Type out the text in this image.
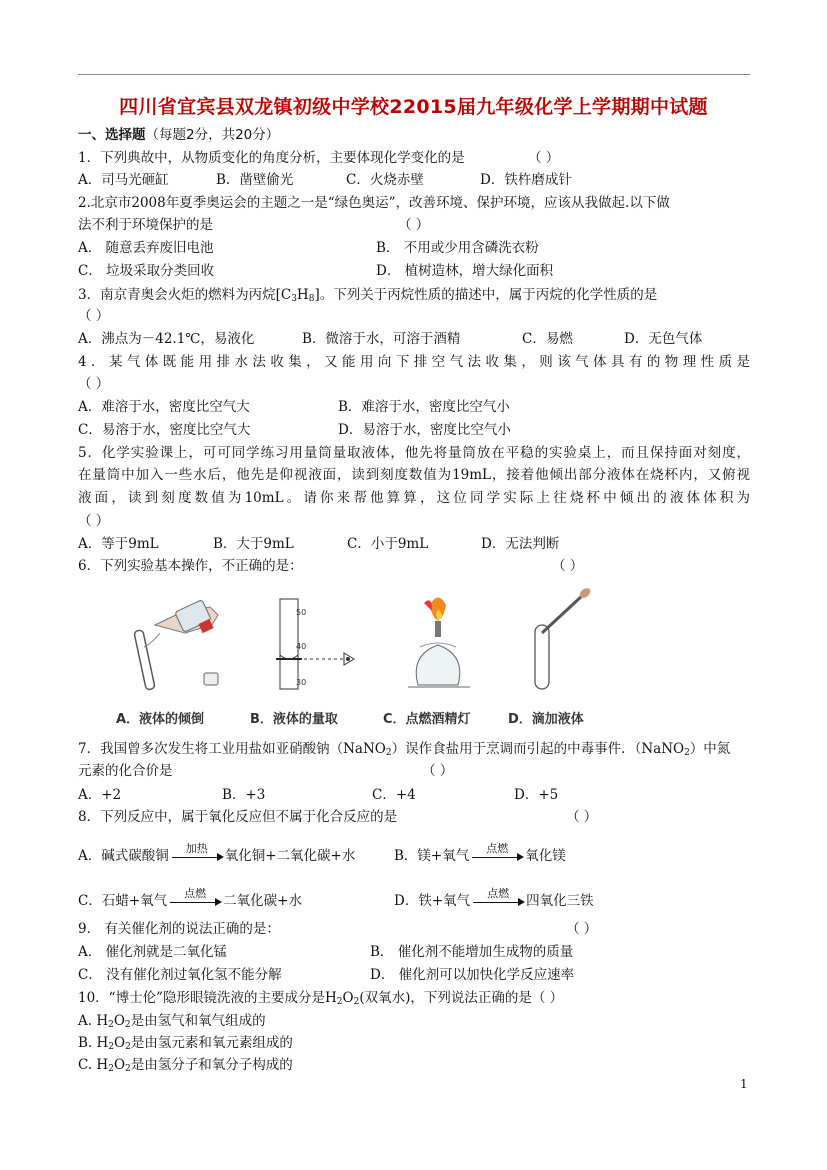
四川省宜宾县双龙镇初级中学校22015届九年级化学上学期期中试题
一、选择题（每题2分，共20分）
1．下列典故中，从物质变化的角度分析，主要体现化学变化的是	（ ）
A．司马光砸缸	B．凿壁偷光	C．火烧赤壁	D．铁杵磨成针
2.北京市2008年夏季奥运会的主题之一是“绿色奥运”，改善环境、保护环境，应该从我做起.以下做
法不利于环境保护的是	（ ）
A． 随意丢弃废旧电池	B． 不用或少用含磷洗衣粉
C． 垃圾采取分类回收	D． 植树造林，增大绿化面积
3．南京青奥会火炬的燃料为丙烷$[C_3H_8]$。下列关于丙烷性质的描述中，属于丙烷的化学性质的是
（ ）
A．沸点为－42.1℃，易液化	B．微溶于水，可溶于酒精	C．易燃	D．无色气体
4．某气体既能用排水法收集，又能用向下排空气法收集，则该气体具有的物理性质是
（ ）
A．难溶于水，密度比空气大	B．难溶于水，密度比空气小
C．易溶于水，密度比空气大	D．易溶于水，密度比空气小
5．化学实验课上，可可同学练习用量筒量取液体，他先将量筒放在平稳的实验桌上，而且保持面对刻度，
在量筒中加入一些水后，他先是仰视液面，读到刻度数值为19mL，接着他倾出部分液体在烧杯内，又俯视
液面，读到刻度数值为10mL。请你来帮他算算，这位同学实际上往烧杯中倾出的液体体积为
（ ）
A．等于9mL	B．大于9mL	C．小于9mL	D．无法判断
6．下列实验基本操作，不正确的是：	（ ）
50
40
30
A．液体的倾倒	B．液体的量取	C．点燃酒精灯	D．滴加液体
7．我国曾多次发生将工业用盐如亚硝酸钠（NaNO$_2$）误作食盐用于烹调而引起的中毒事件．（NaNO$_2$）中氮
元素的化合价是	（ ）
A．+2	B．+3	C．+4	D．+5
8．下列反应中，属于氧化反应但不属于化合反应的是	（ ）
A．碱式碳酸铜	加热	氧化铜+二氧化碳+水	B．镁+氧气	点燃	氧化镁
C．石蜡+氧气	点燃	二氧化碳+水	D．铁+氧气	点燃	四氧化三铁
9． 有关催化剂的说法正确的是：	（ ）
A． 催化剂就是二氧化锰	B． 催化剂不能增加生成物的质量
C． 没有催化剂过氧化氢不能分解	D． 催化剂可以加快化学反应速率
10．“博士伦”隐形眼镜洗液的主要成分是$H_2O_2$(双氧水)，下列说法正确的是（ ）
A. $H_2O_2$是由氢气和氧气组成的
B. $H_2O_2$是由氢元素和氧元素组成的
C. $H_2O_2$是由氢分子和氧分子构成的
1
